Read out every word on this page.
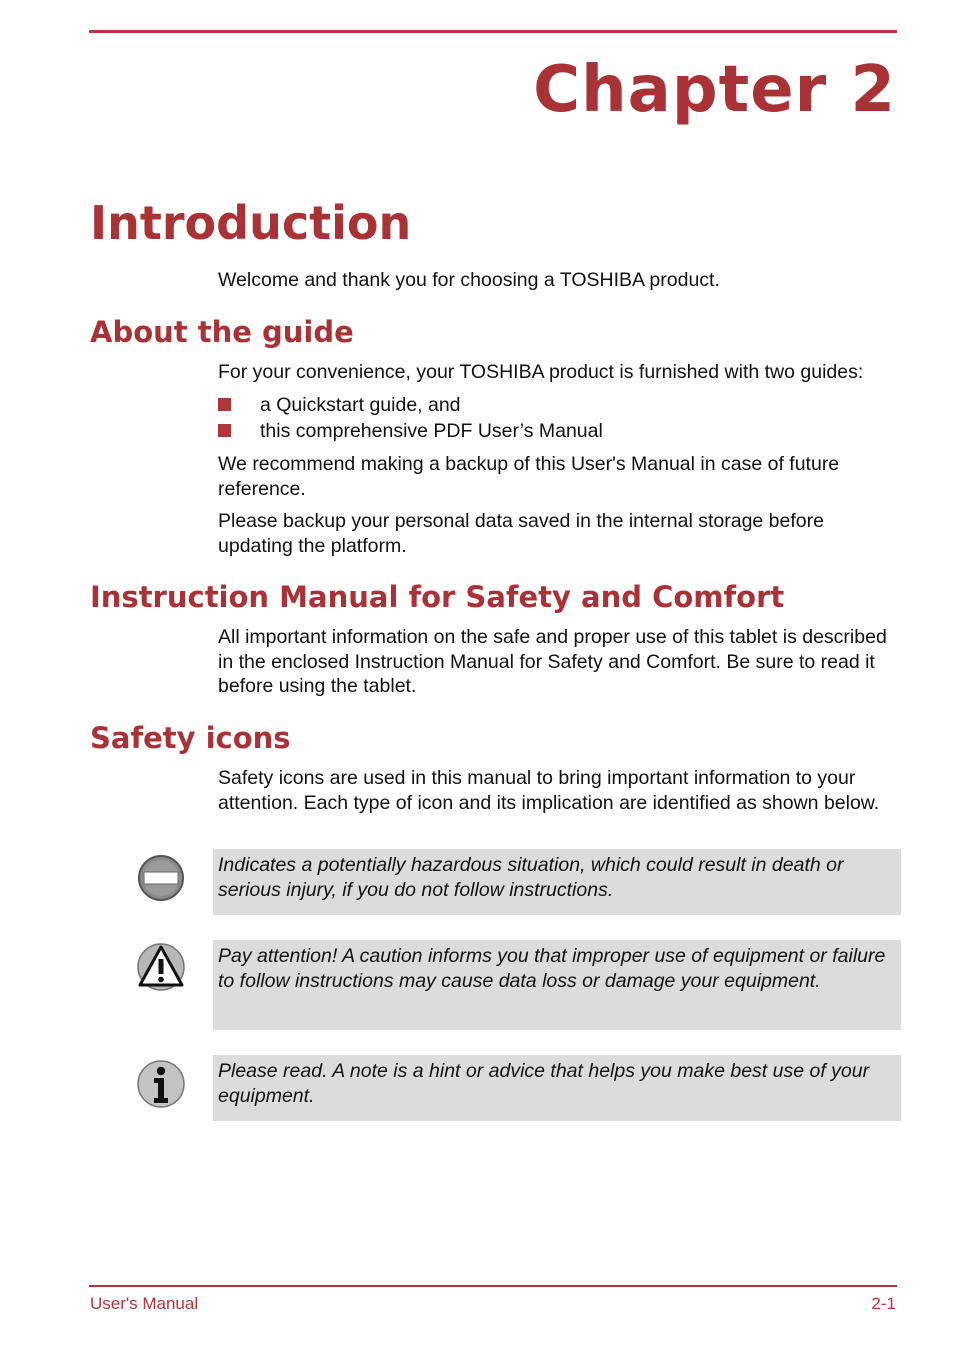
Chapter 2
Introduction

Welcome and thank you for choosing a TOSHIBA product.

About the guide

For your convenience, your TOSHIBA product is furnished with two guides:

a Quickstart guide, and
this comprehensive PDF User’s Manual

We recommend making a backup of this User's Manual in case of future reference.

Please backup your personal data saved in the internal storage before updating the platform.

Instruction Manual for Safety and Comfort

All important information on the safe and proper use of this tablet is described in the enclosed Instruction Manual for Safety and Comfort. Be sure to read it before using the tablet.

Safety icons

Safety icons are used in this manual to bring important information to your attention. Each type of icon and its implication are identified as shown below.

Indicates a potentially hazardous situation, which could result in death or serious injury, if you do not follow instructions.
Pay attention! A caution informs you that improper use of equipment or failure to follow instructions may cause data loss or damage your equipment.
Please read. A note is a hint or advice that helps you make best use of your equipment.
User's Manual	2-1
